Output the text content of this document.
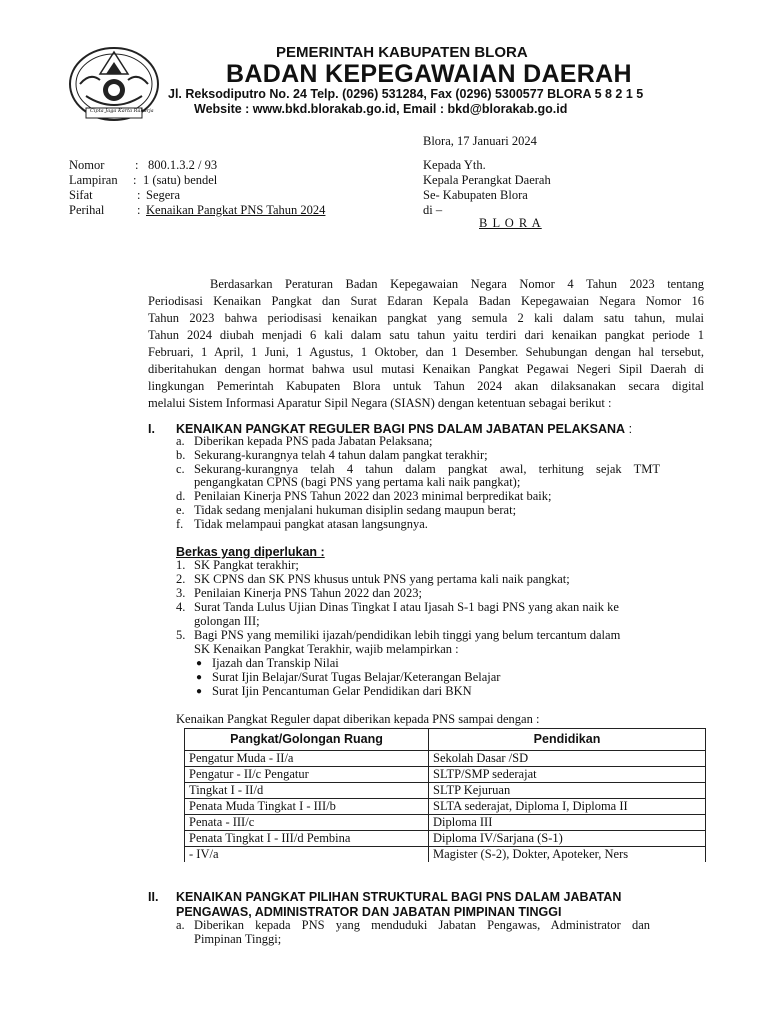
Cipta Jaga Karta Raharja
PEMERINTAH KABUPATEN BLORA
BADAN KEPEGAWAIAN DAERAH
Jl. Reksodiputro No. 24 Telp. (0296) 531284, Fax (0296) 5300577 BLORA 5 8 2 1 5
Website : www.bkd.blorakab.go.id, Email : bkd@blorakab.go.id
Blora, 17 Januari 2024
Nomor : 800.1.3.2 / 93
Lampiran : 1 (satu) bendel
Sifat	: Segera
Perihal	: Kenaikan Pangkat PNS Tahun 2024
Kepada Yth.
Kepala Perangkat Daerah
Se- Kabupaten Blora
di –
B L O R A
Berdasarkan Peraturan Badan Kepegawaian Negara Nomor 4 Tahun 2023 tentang
Periodisasi Kenaikan Pangkat dan Surat Edaran Kepala Badan Kepegawaian Negara Nomor 16
Tahun 2023 bahwa periodisasi kenaikan pangkat yang semula 2 kali dalam satu tahun, mulai
Tahun 2024 diubah menjadi 6 kali dalam satu tahun yaitu terdiri dari kenaikan pangkat periode 1
Februari, 1 April, 1 Juni, 1 Agustus, 1 Oktober, dan 1 Desember. Sehubungan dengan hal tersebut,
diberitahukan dengan hormat bahwa usul mutasi Kenaikan Pangkat Pegawai Negeri Sipil Daerah di
lingkungan Pemerintah Kabupaten Blora untuk Tahun 2024 akan dilaksanakan secara digital
melalui Sistem Informasi Aparatur Sipil Negara (SIASN) dengan ketentuan sebagai berikut :
I. KENAIKAN PANGKAT REGULER BAGI PNS DALAM JABATAN PELAKSANA :
a. Diberikan kepada PNS pada Jabatan Pelaksana;
b. Sekurang-kurangnya telah 4 tahun dalam pangkat terakhir;
c. Sekurang-kurangnya telah 4 tahun dalam pangkat awal, terhitung sejak TMT
pengangkatan CPNS (bagi PNS yang pertama kali naik pangkat);
d. Penilaian Kinerja PNS Tahun 2022 dan 2023 minimal berpredikat baik;
e. Tidak sedang menjalani hukuman disiplin sedang maupun berat;
f. Tidak melampaui pangkat atasan langsungnya.
Berkas yang diperlukan :
1. SK Pangkat terakhir;
2. SK CPNS dan SK PNS khusus untuk PNS yang pertama kali naik pangkat;
3. Penilaian Kinerja PNS Tahun 2022 dan 2023;
4. Surat Tanda Lulus Ujian Dinas Tingkat I atau Ijasah S-1 bagi PNS yang akan naik ke
golongan III;
5. Bagi PNS yang memiliki ijazah/pendidikan lebih tinggi yang belum tercantum dalam
SK Kenaikan Pangkat Terakhir, wajib melampirkan :
● Ijazah dan Transkip Nilai
● Surat Ijin Belajar/Surat Tugas Belajar/Keterangan Belajar
● Surat Ijin Pencantuman Gelar Pendidikan dari BKN
Kenaikan Pangkat Reguler dapat diberikan kepada PNS sampai dengan :
Pangkat/Golongan Ruang	Pendidikan
Pengatur Muda - II/a	Sekolah Dasar /SD
Pengatur - II/c Pengatur	SLTP/SMP sederajat
Tingkat I - II/d	SLTP Kejuruan
Penata Muda Tingkat I - III/b	SLTA sederajat, Diploma I, Diploma II
Penata - III/c	Diploma III
Penata Tingkat I - III/d Pembina	Diploma IV/Sarjana (S-1)
- IV/a	Magister (S-2), Dokter, Apoteker, Ners
II. KENAIKAN PANGKAT PILIHAN STRUKTURAL BAGI PNS DALAM JABATAN
PENGAWAS, ADMINISTRATOR DAN JABATAN PIMPINAN TINGGI
a. Diberikan kepada PNS yang menduduki Jabatan Pengawas, Administrator dan
Pimpinan Tinggi;
